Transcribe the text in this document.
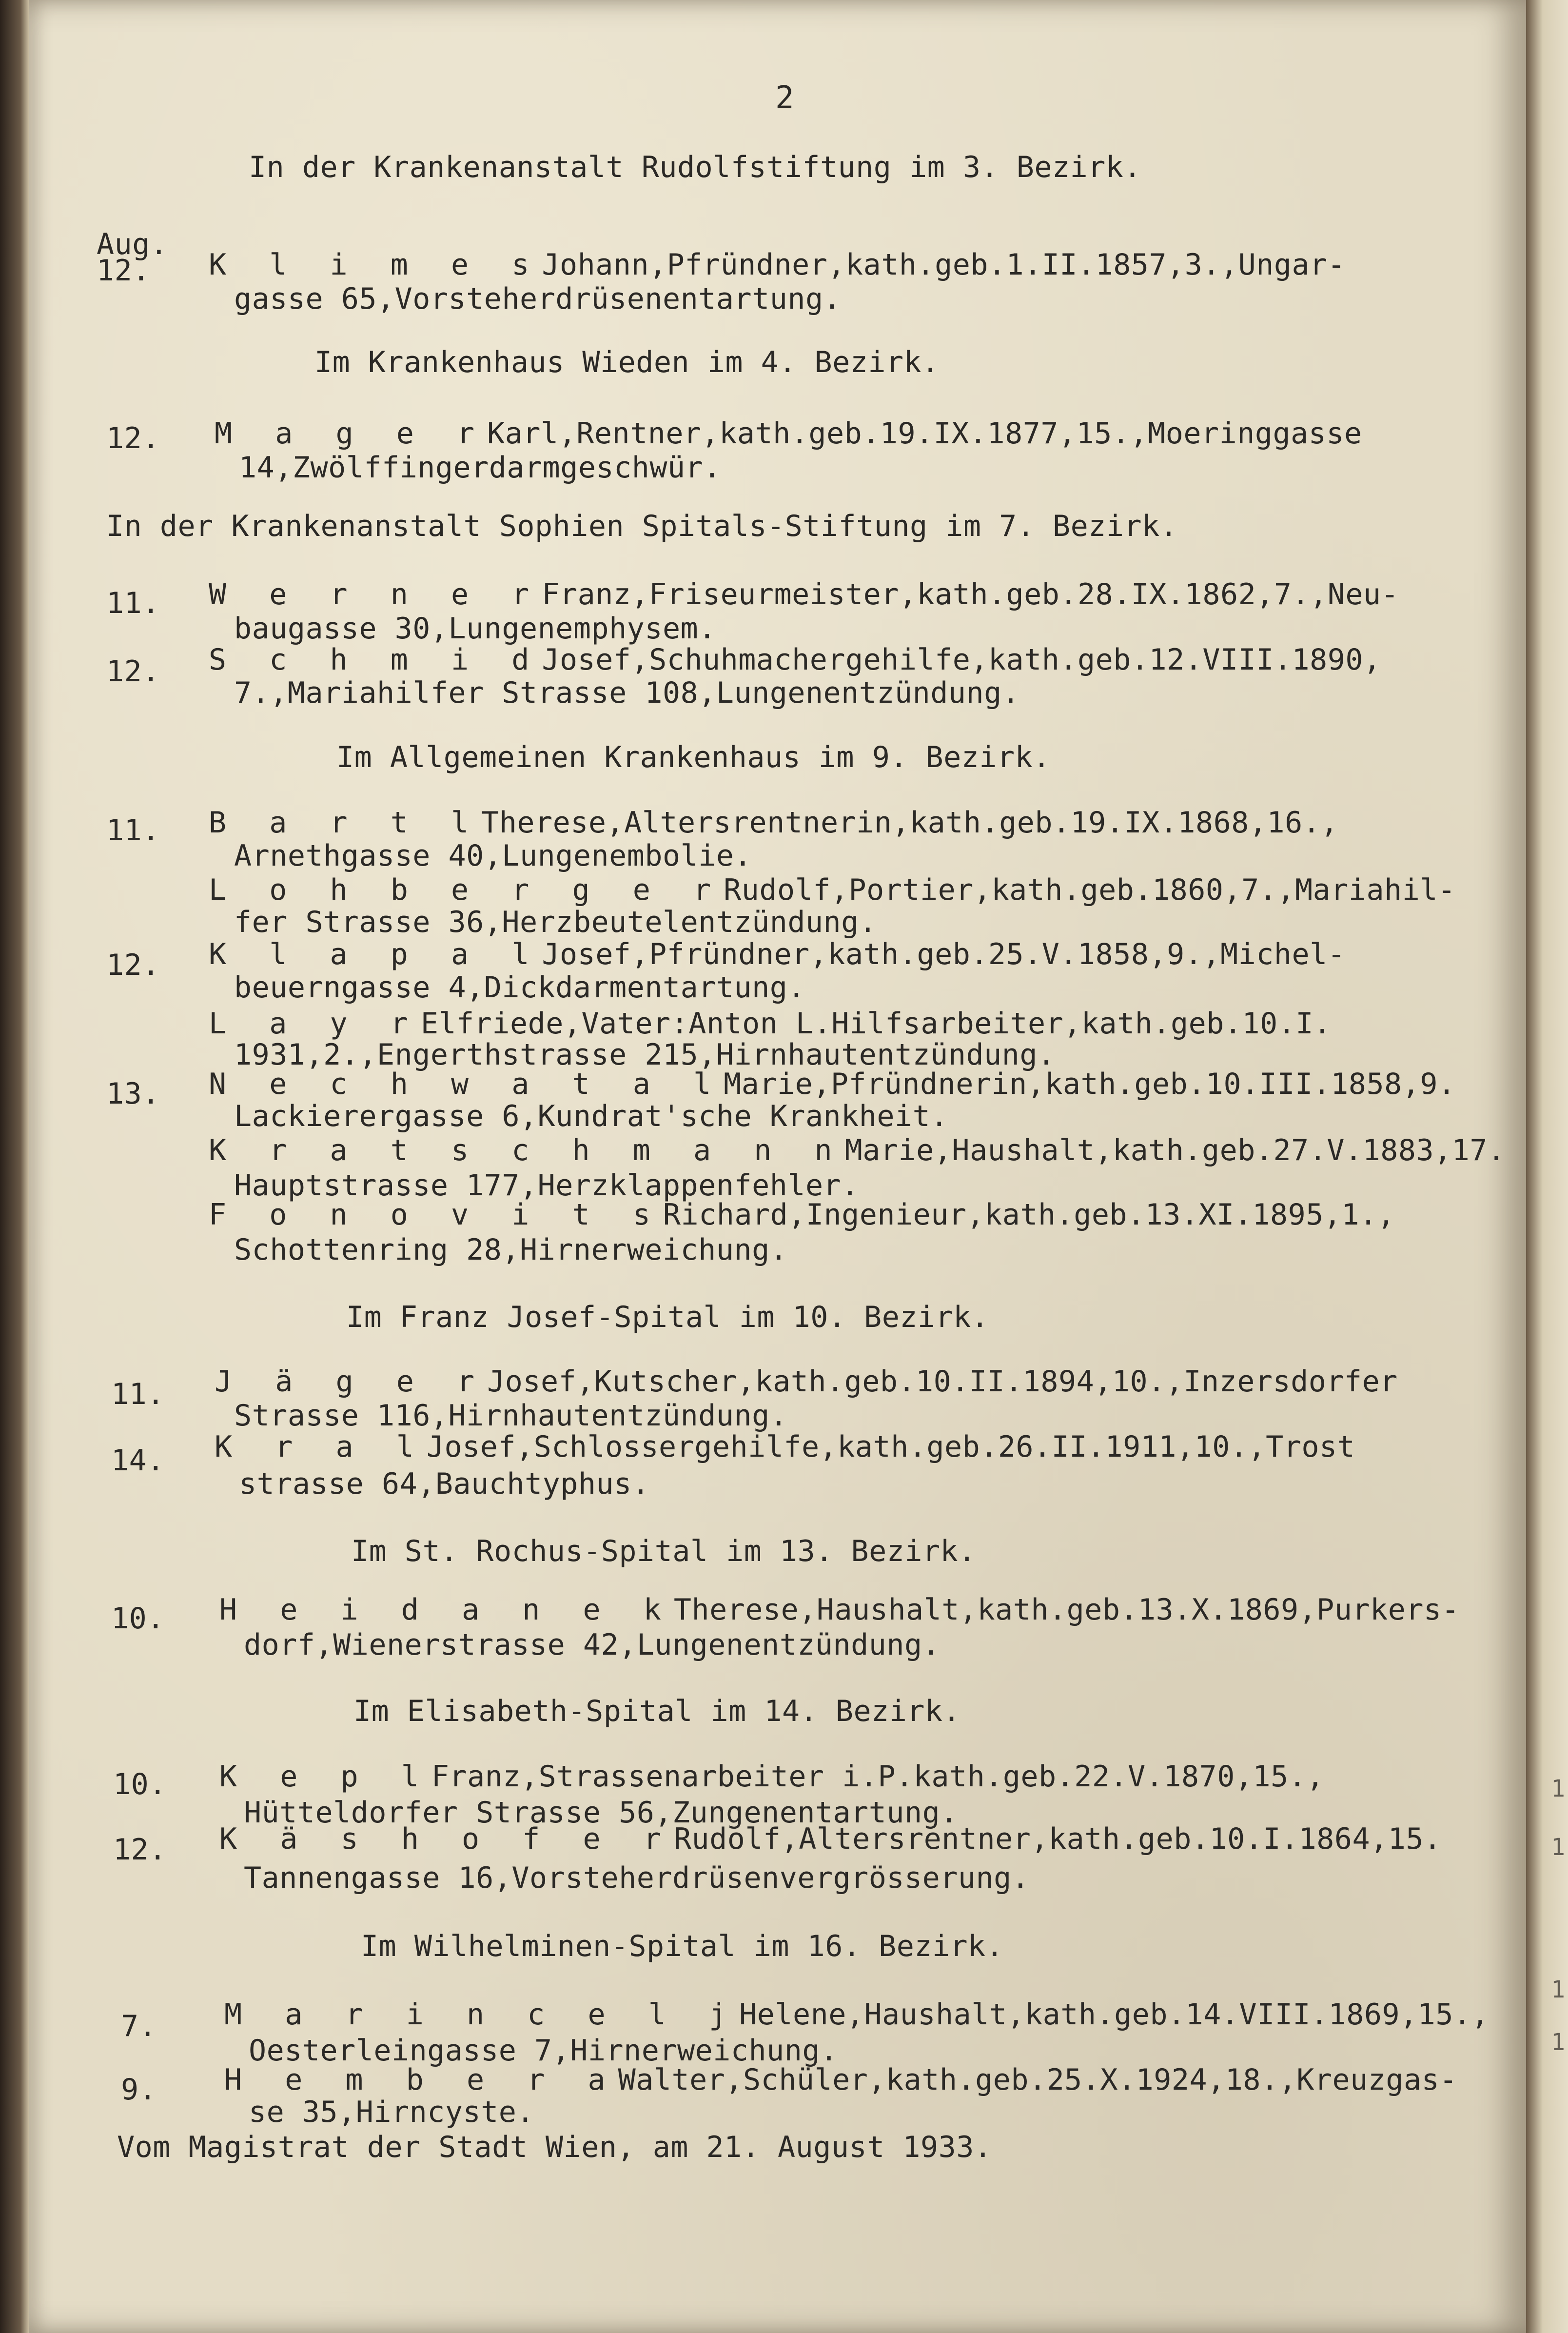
2
In der Krankenanstalt Rudolfstiftung im 3. Bezirk.
Aug.
12. K l i m e sJohann,Pfründner,kath.geb.1.II.1857,3.,Ungar-
gasse 65,Vorsteherdrüsenentartung.
Im Krankenhaus Wieden im 4. Bezirk.
12. M a g e rKarl,Rentner,kath.geb.19.IX.1877,15.,Moeringgasse
14,Zwölffingerdarmgeschwür.
In der Krankenanstalt Sophien Spitals-Stiftung im 7. Bezirk.
11. W e r n e rFranz,Friseurmeister,kath.geb.28.IX.1862,7.,Neu-
baugasse 30,Lungenemphysem.
12. S c h m i dJosef,Schuhmachergehilfe,kath.geb.12.VIII.1890,
7.,Mariahilfer Strasse 108,Lungenentzündung.
Im Allgemeinen Krankenhaus im 9. Bezirk.
11. B a r t lTherese,Altersrentnerin,kath.geb.19.IX.1868,16.,
Arnethgasse 40,Lungenembolie.
L o h b e r g e rRudolf,Portier,kath.geb.1860,7.,Mariahil-
fer Strasse 36,Herzbeutelentzündung.
12. K l a p a lJosef,Pfründner,kath.geb.25.V.1858,9.,Michel-
beuerngasse 4,Dickdarmentartung.
L a y rElfriede,Vater:Anton L.Hilfsarbeiter,kath.geb.10.I.
1931,2.,Engerthstrasse 215,Hirnhautentzündung.
13. N e c h w a t a lMarie,Pfründnerin,kath.geb.10.III.1858,9.
Lackierergasse 6,Kundrat'sche Krankheit.
K r a t s c h m a n nMarie,Haushalt,kath.geb.27.V.1883,17.
Hauptstrasse 177,Herzklappenfehler.
F o n o v i t sRichard,Ingenieur,kath.geb.13.XI.1895,1.,
Schottenring 28,Hirnerweichung.
Im Franz Josef-Spital im 10. Bezirk.
11. J ä g e rJosef,Kutscher,kath.geb.10.II.1894,10.,Inzersdorfer
Strasse 116,Hirnhautentzündung.
14. K r a lJosef,Schlossergehilfe,kath.geb.26.II.1911,10.,Trost
strasse 64,Bauchtyphus.
Im St. Rochus-Spital im 13. Bezirk.
10. H e i d a n e kTherese,Haushalt,kath.geb.13.X.1869,Purkers-
dorf,Wienerstrasse 42,Lungenentzündung.
Im Elisabeth-Spital im 14. Bezirk.
10. K e p lFranz,Strassenarbeiter i.P.kath.geb.22.V.1870,15.,
Hütteldorfer Strasse 56,Zungenentartung.
12. K ä s h o f e rRudolf,Altersrentner,kath.geb.10.I.1864,15.
Tannengasse 16,Vorsteherdrüsenvergrösserung.
Im Wilhelminen-Spital im 16. Bezirk.
7. M a r i n c e l jHelene,Haushalt,kath.geb.14.VIII.1869,15.,
Oesterleingasse 7,Hirnerweichung.
9. H e m b e r aWalter,Schüler,kath.geb.25.X.1924,18.,Kreuzgas-
se 35,Hirncyste.
Vom Magistrat der Stadt Wien, am 21. August 1933.
1
1
1
1
